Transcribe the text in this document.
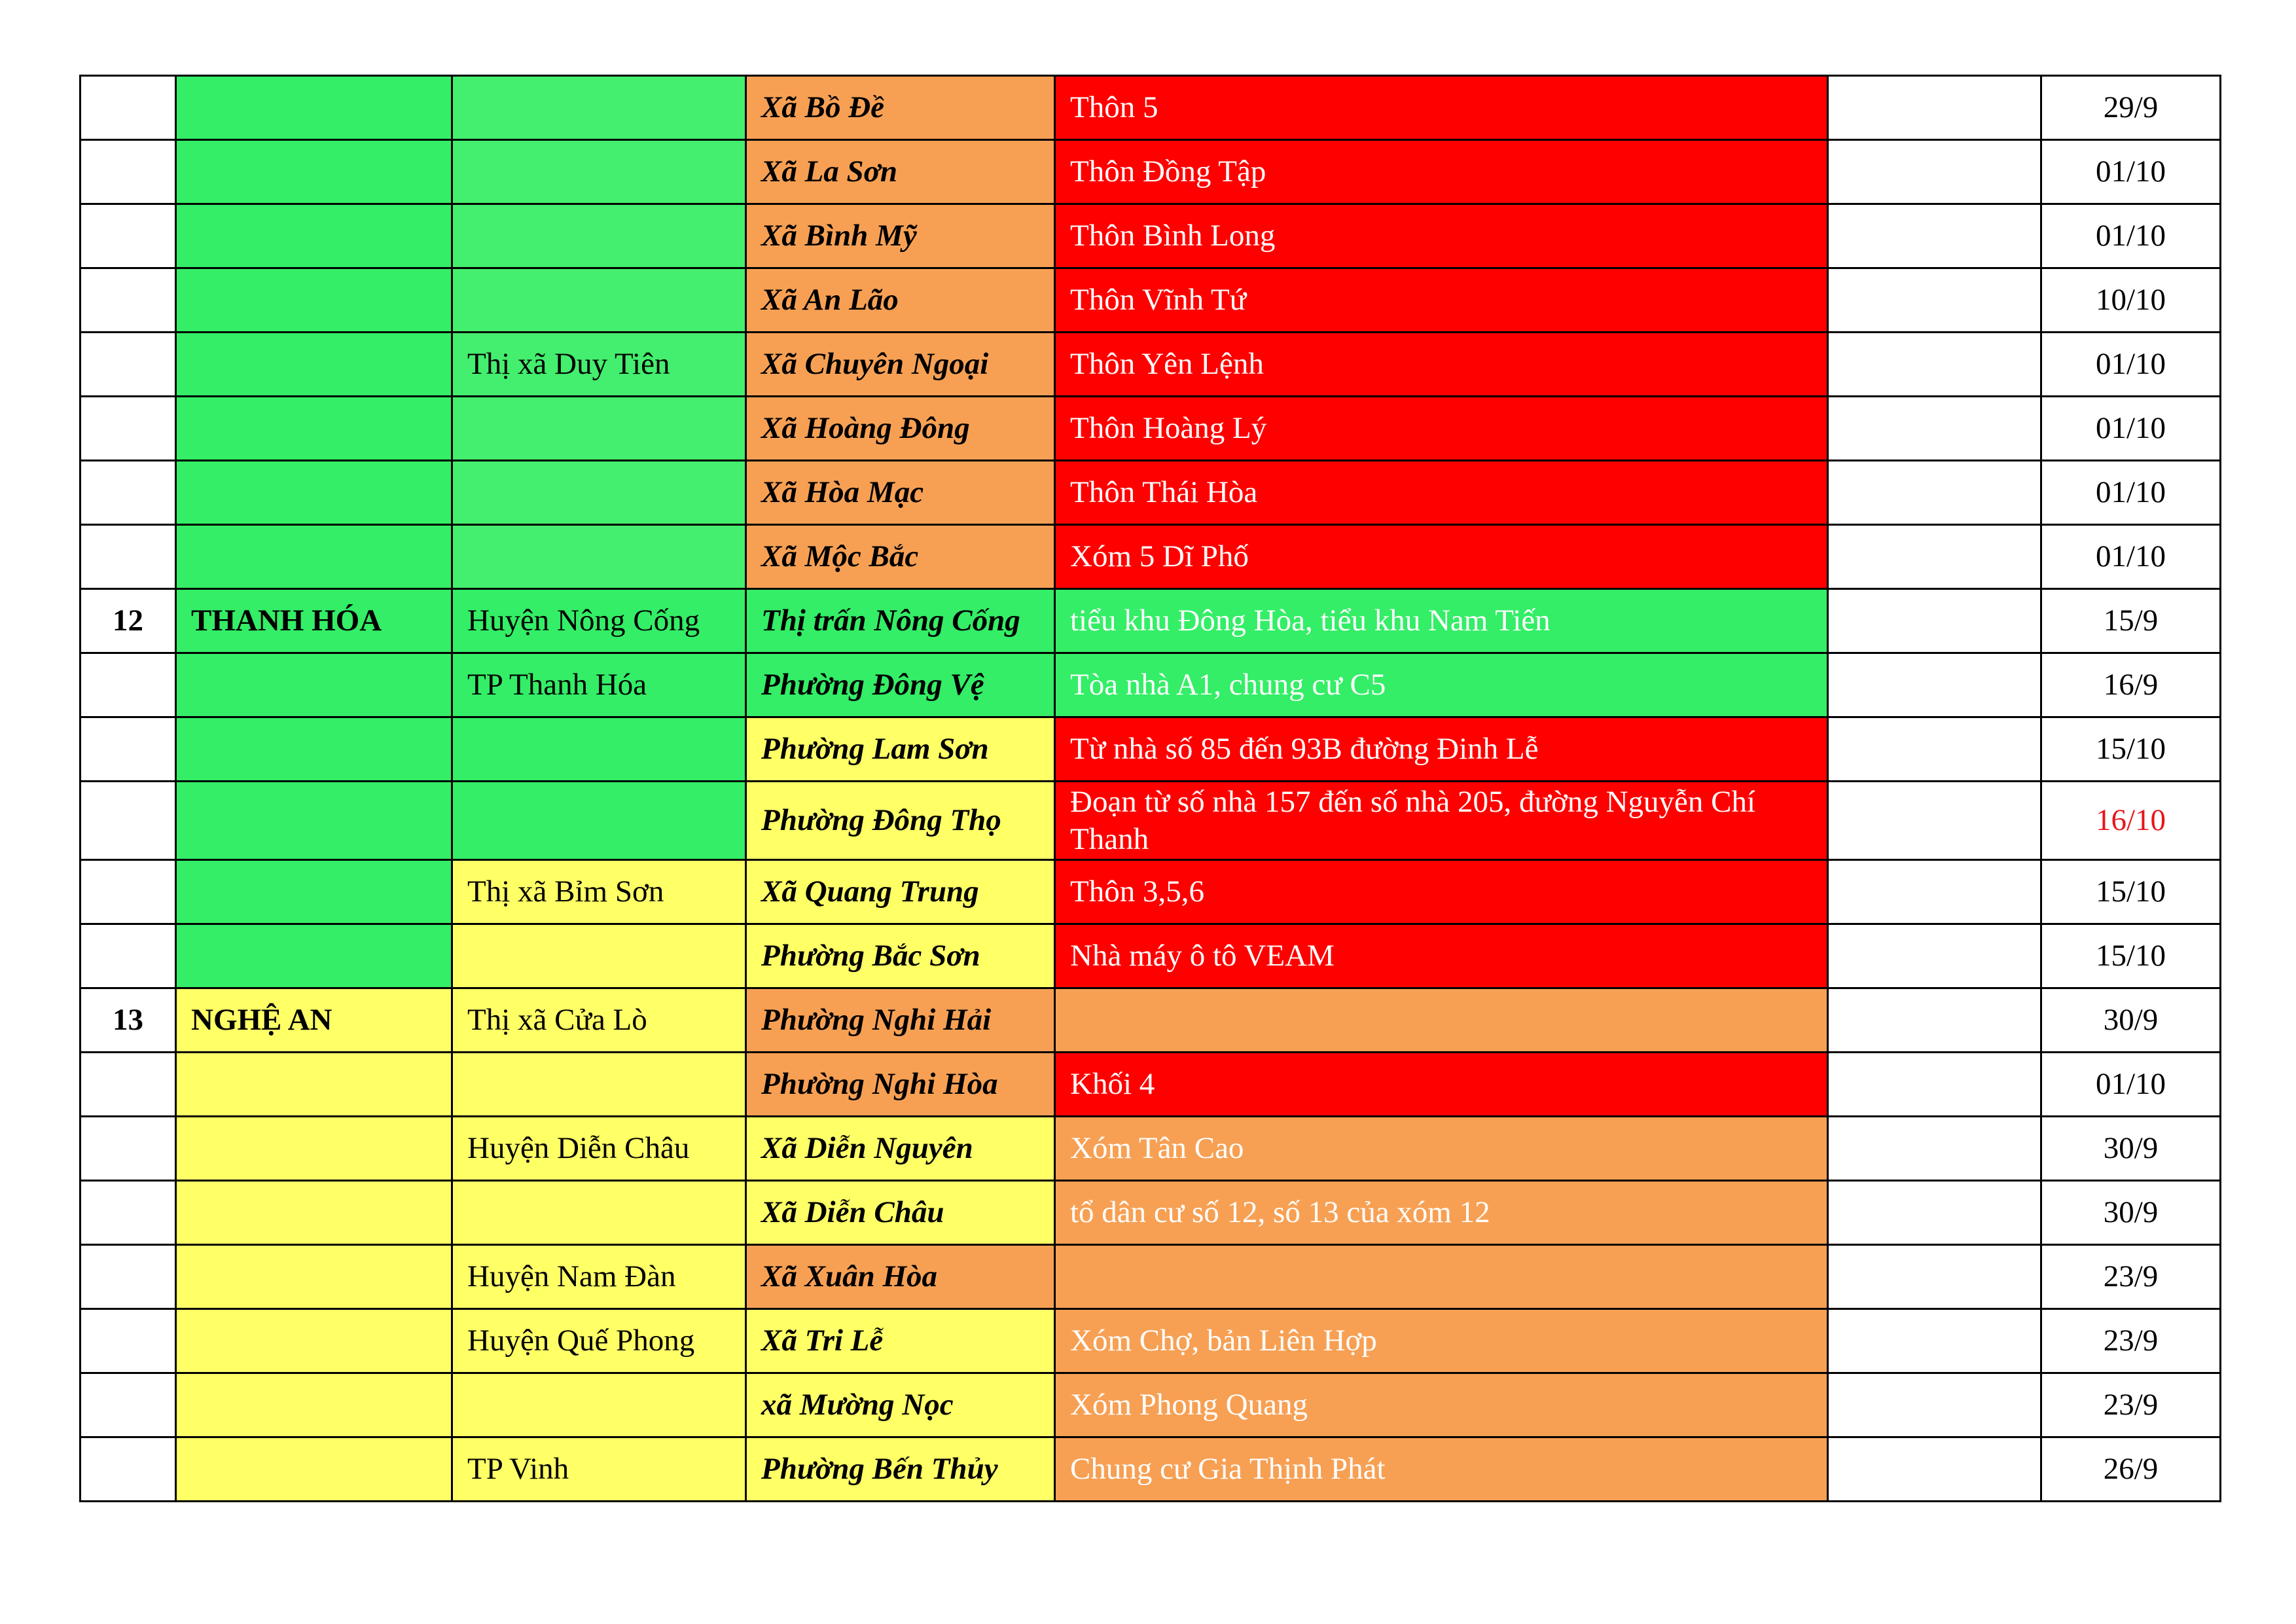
			Xã Bồ Đề	Thôn 5		29/9
			Xã La Sơn	Thôn Đồng Tập		01/10
			Xã Bình Mỹ	Thôn Bình Long		01/10
			Xã An Lão	Thôn Vĩnh Tứ		10/10
		Thị xã Duy Tiên	Xã Chuyên Ngoại	Thôn Yên Lệnh		01/10
			Xã Hoàng Đông	Thôn Hoàng Lý		01/10
			Xã Hòa Mạc	Thôn Thái Hòa		01/10
			Xã Mộc Bắc	Xóm 5 Dĩ Phố		01/10
12	THANH HÓA	Huyện Nông Cống	Thị trấn Nông Cống	tiểu khu Đông Hòa, tiểu khu Nam Tiến		15/9
		TP Thanh Hóa	Phường Đông Vệ	Tòa nhà A1, chung cư C5		16/9
			Phường Lam Sơn	Từ nhà số 85 đến 93B đường Đinh Lễ		15/10
			Phường Đông Thọ	Đoạn từ số nhà 157 đến số nhà 205, đường Nguyễn Chí Thanh		16/10
		Thị xã Bỉm Sơn	Xã Quang Trung	Thôn 3,5,6		15/10
			Phường Bắc Sơn	Nhà máy ô tô VEAM		15/10
13	NGHỆ AN	Thị xã Cửa Lò	Phường Nghi Hải			30/9
			Phường Nghi Hòa	Khối 4		01/10
		Huyện Diễn Châu	Xã Diễn Nguyên	Xóm Tân Cao		30/9
			Xã Diễn Châu	tổ dân cư số 12, số 13 của xóm 12		30/9
		Huyện Nam Đàn	Xã Xuân Hòa			23/9
		Huyện Quế Phong	Xã Tri Lễ	Xóm Chợ, bản Liên Hợp		23/9
			xã Mường Nọc	Xóm Phong Quang		23/9
		TP Vinh	Phường Bến Thủy	Chung cư Gia Thịnh Phát		26/9
